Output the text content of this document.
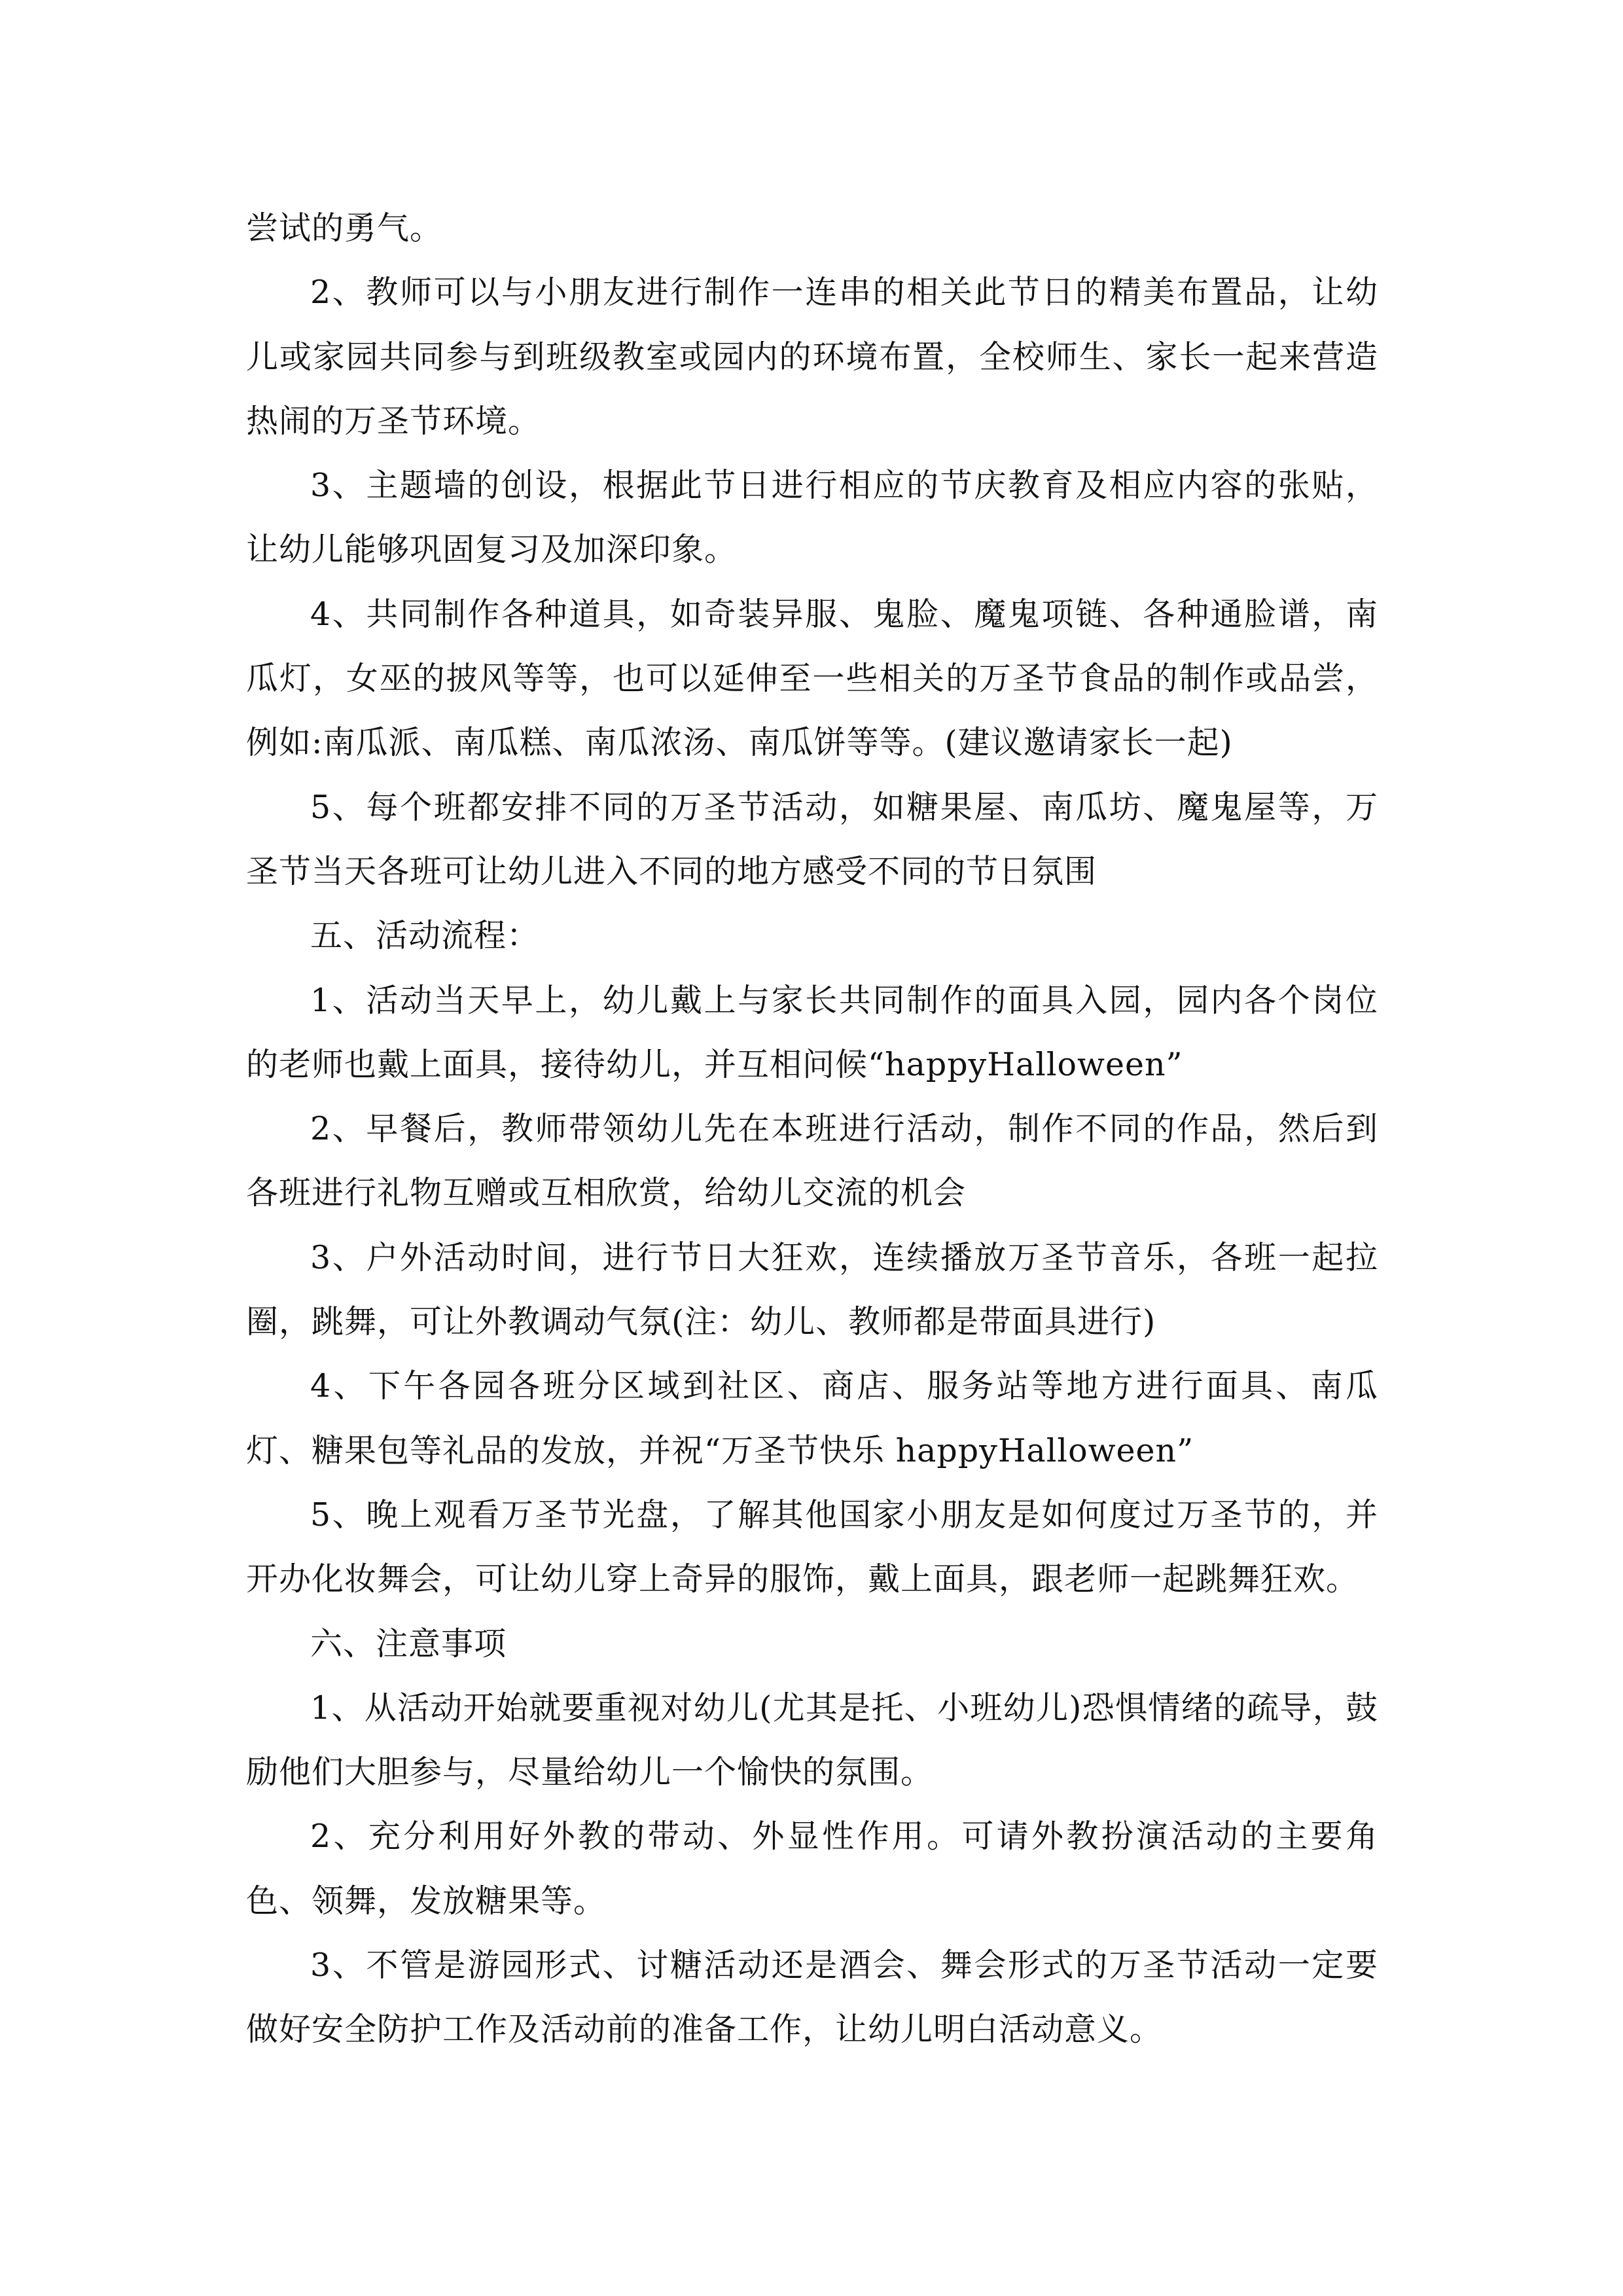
尝试的勇气。

2、教师可以与小朋友进行制作一连串的相关此节日的精美布置品，让幼儿或家园共同参与到班级教室或园内的环境布置，全校师生、家长一起来营造热闹的万圣节环境。

3、主题墙的创设，根据此节日进行相应的节庆教育及相应内容的张贴，让幼儿能够巩固复习及加深印象。

4、共同制作各种道具，如奇装异服、鬼脸、魔鬼项链、各种通脸谱，南瓜灯，女巫的披风等等，也可以延伸至一些相关的万圣节食品的制作或品尝，例如:南瓜派、南瓜糕、南瓜浓汤、南瓜饼等等。(建议邀请家长一起)

5、每个班都安排不同的万圣节活动，如糖果屋、南瓜坊、魔鬼屋等，万圣节当天各班可让幼儿进入不同的地方感受不同的节日氛围

五、活动流程：

1、活动当天早上，幼儿戴上与家长共同制作的面具入园，园内各个岗位的老师也戴上面具，接待幼儿，并互相问候“happyHalloween”

2、早餐后，教师带领幼儿先在本班进行活动，制作不同的作品，然后到各班进行礼物互赠或互相欣赏，给幼儿交流的机会

3、户外活动时间，进行节日大狂欢，连续播放万圣节音乐，各班一起拉圈，跳舞，可让外教调动气氛(注：幼儿、教师都是带面具进行)

4、下午各园各班分区域到社区、商店、服务站等地方进行面具、南瓜灯、糖果包等礼品的发放，并祝“万圣节快乐 happyHalloween”

5、晚上观看万圣节光盘，了解其他国家小朋友是如何度过万圣节的，并开办化妆舞会，可让幼儿穿上奇异的服饰，戴上面具，跟老师一起跳舞狂欢。

六、注意事项

1、从活动开始就要重视对幼儿(尤其是托、小班幼儿)恐惧情绪的疏导，鼓励他们大胆参与，尽量给幼儿一个愉快的氛围。

2、充分利用好外教的带动、外显性作用。可请外教扮演活动的主要角色、领舞，发放糖果等。

3、不管是游园形式、讨糖活动还是酒会、舞会形式的万圣节活动一定要做好安全防护工作及活动前的准备工作，让幼儿明白活动意义。
